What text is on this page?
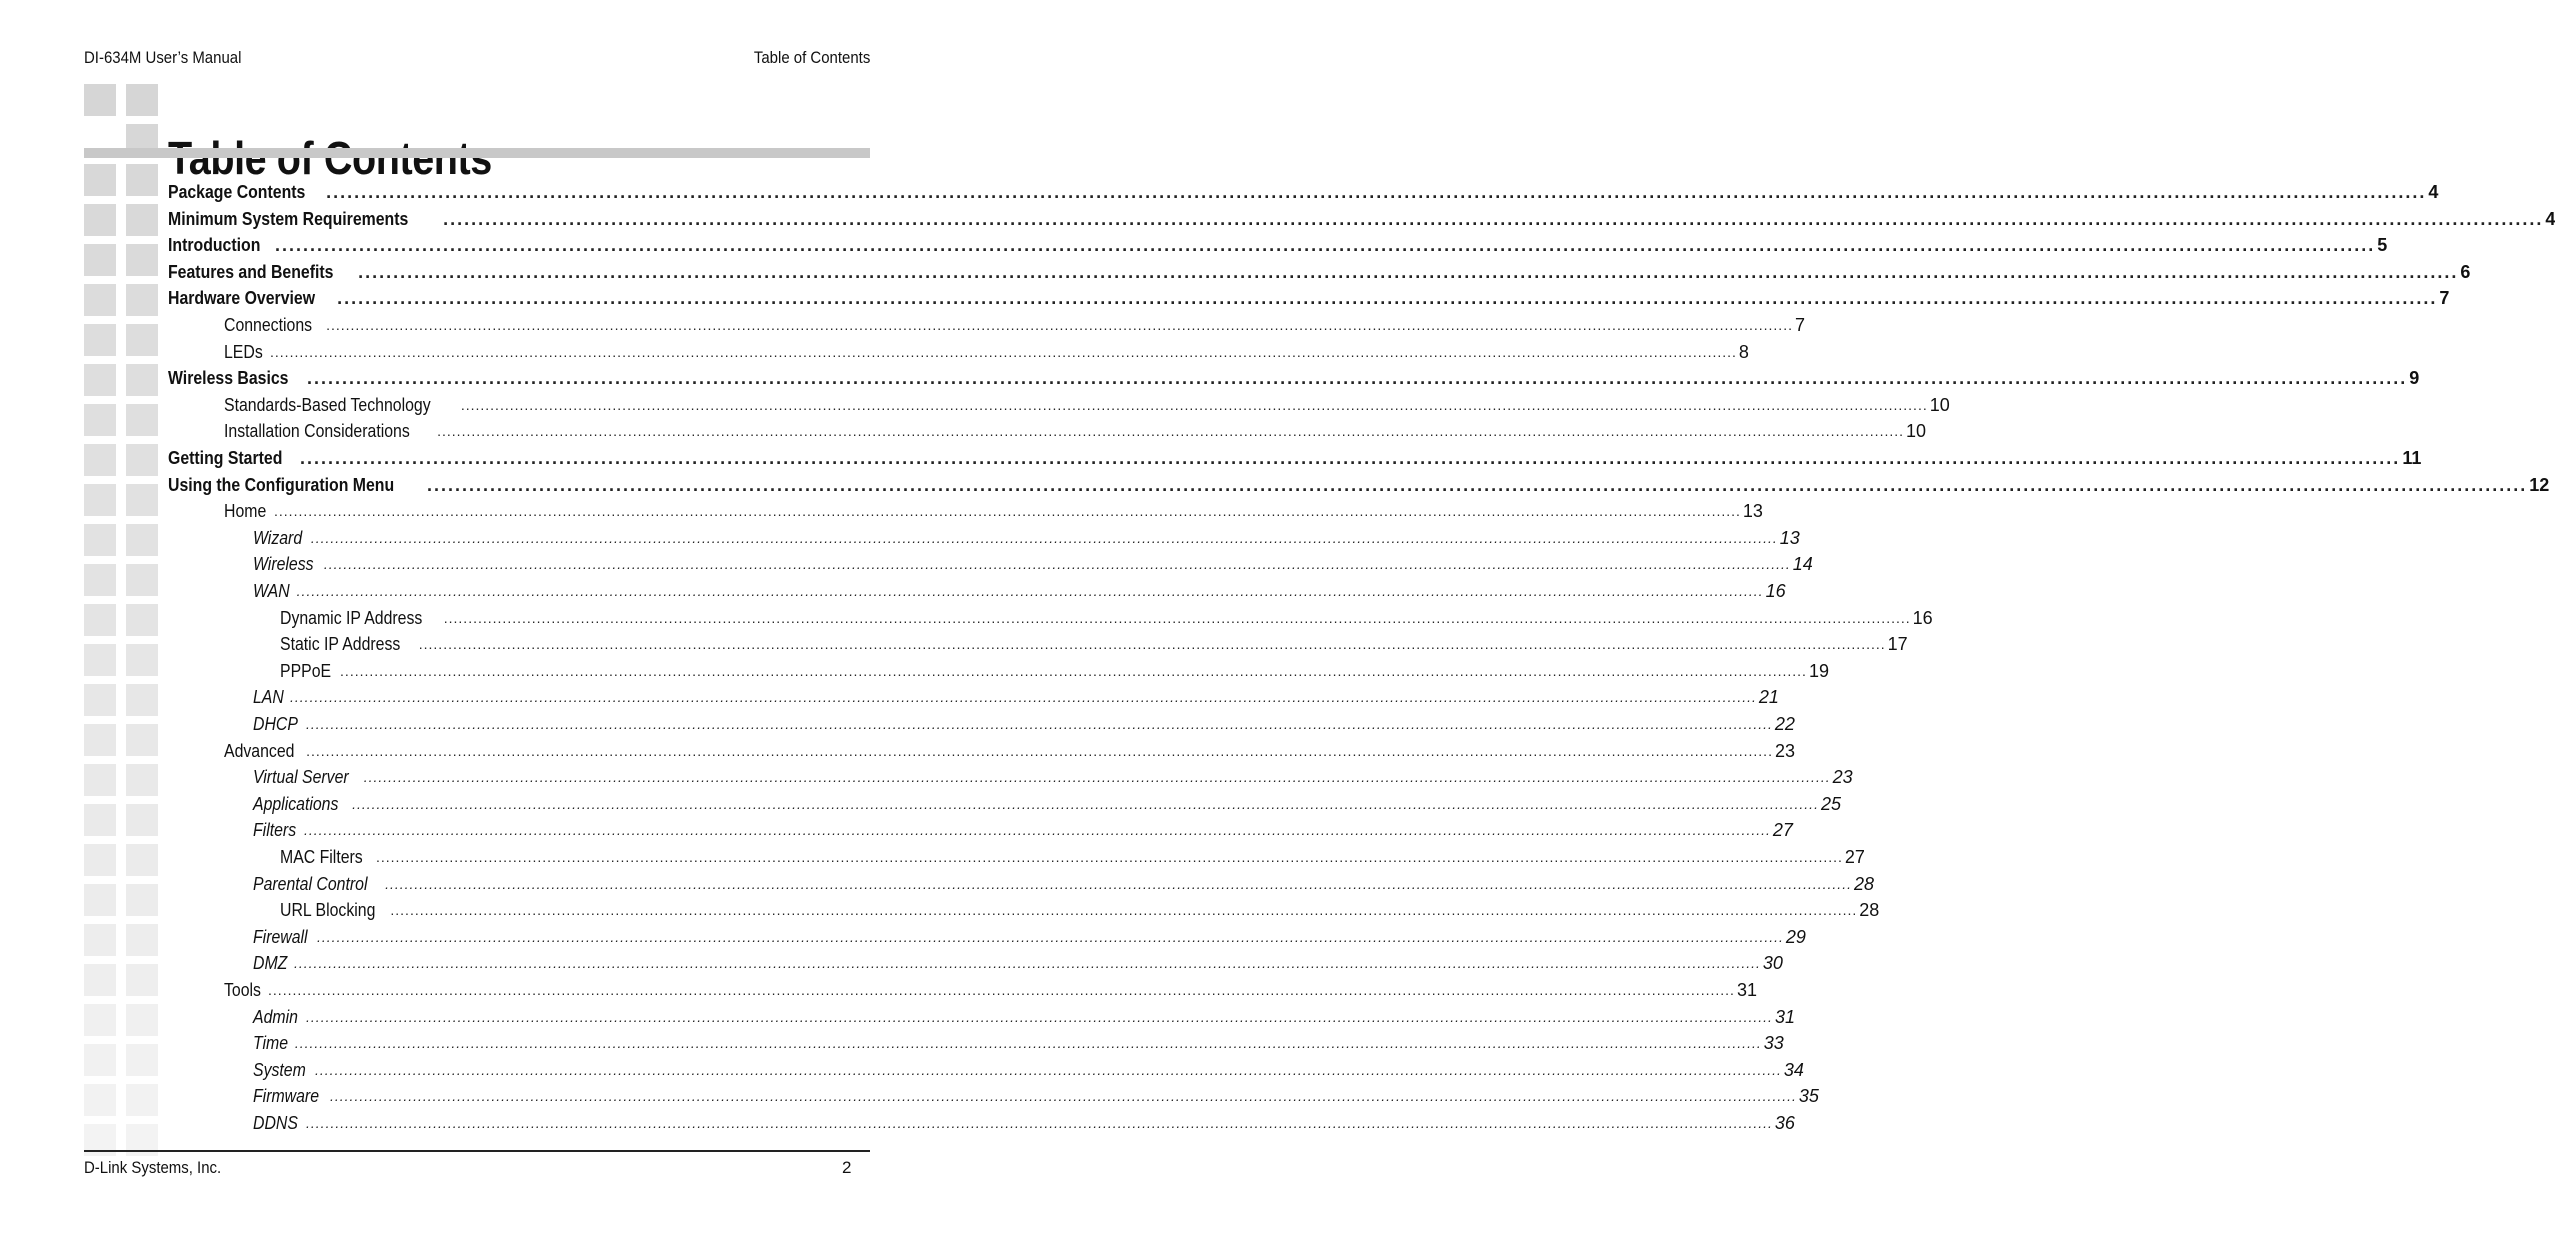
DI-634M User’s Manual	Table of Contents
Package Contents ............................................................................................................................................................................................................................................................................................................ 4
Minimum System Requirements ............................................................................................................................................................................................................................................................................................................ 4
Introduction ............................................................................................................................................................................................................................................................................................................ 5
Features and Benefits ............................................................................................................................................................................................................................................................................................................ 6
Hardware Overview ............................................................................................................................................................................................................................................................................................................ 7
Connections ............................................................................................................................................................................................................................................................................................................ 7
LEDs ............................................................................................................................................................................................................................................................................................................ 8
Wireless Basics ............................................................................................................................................................................................................................................................................................................ 9
Standards-Based Technology ............................................................................................................................................................................................................................................................................................................ 10
Installation Considerations ............................................................................................................................................................................................................................................................................................................ 10
Getting Started ............................................................................................................................................................................................................................................................................................................ 11
Using the Configuration Menu ............................................................................................................................................................................................................................................................................................................ 12
Home ............................................................................................................................................................................................................................................................................................................ 13
Wizard ............................................................................................................................................................................................................................................................................................................ 13
Wireless ............................................................................................................................................................................................................................................................................................................ 14
WAN ............................................................................................................................................................................................................................................................................................................ 16
Dynamic IP Address ............................................................................................................................................................................................................................................................................................................ 16
Static IP Address ............................................................................................................................................................................................................................................................................................................ 17
PPPoE ............................................................................................................................................................................................................................................................................................................ 19
LAN ............................................................................................................................................................................................................................................................................................................ 21
DHCP ............................................................................................................................................................................................................................................................................................................ 22
Advanced ............................................................................................................................................................................................................................................................................................................ 23
Virtual Server ............................................................................................................................................................................................................................................................................................................ 23
Applications ............................................................................................................................................................................................................................................................................................................ 25
Filters ............................................................................................................................................................................................................................................................................................................ 27
MAC Filters ............................................................................................................................................................................................................................................................................................................ 27
Parental Control ............................................................................................................................................................................................................................................................................................................ 28
URL Blocking ............................................................................................................................................................................................................................................................................................................ 28
Firewall ............................................................................................................................................................................................................................................................................................................ 29
DMZ ............................................................................................................................................................................................................................................................................................................ 30
Tools ............................................................................................................................................................................................................................................................................................................ 31
Admin ............................................................................................................................................................................................................................................................................................................ 31
Time ............................................................................................................................................................................................................................................................................................................ 33
System ............................................................................................................................................................................................................................................................................................................ 34
Firmware ............................................................................................................................................................................................................................................................................................................ 35
DDNS ............................................................................................................................................................................................................................................................................................................ 36
D-Link Systems, Inc.	2
